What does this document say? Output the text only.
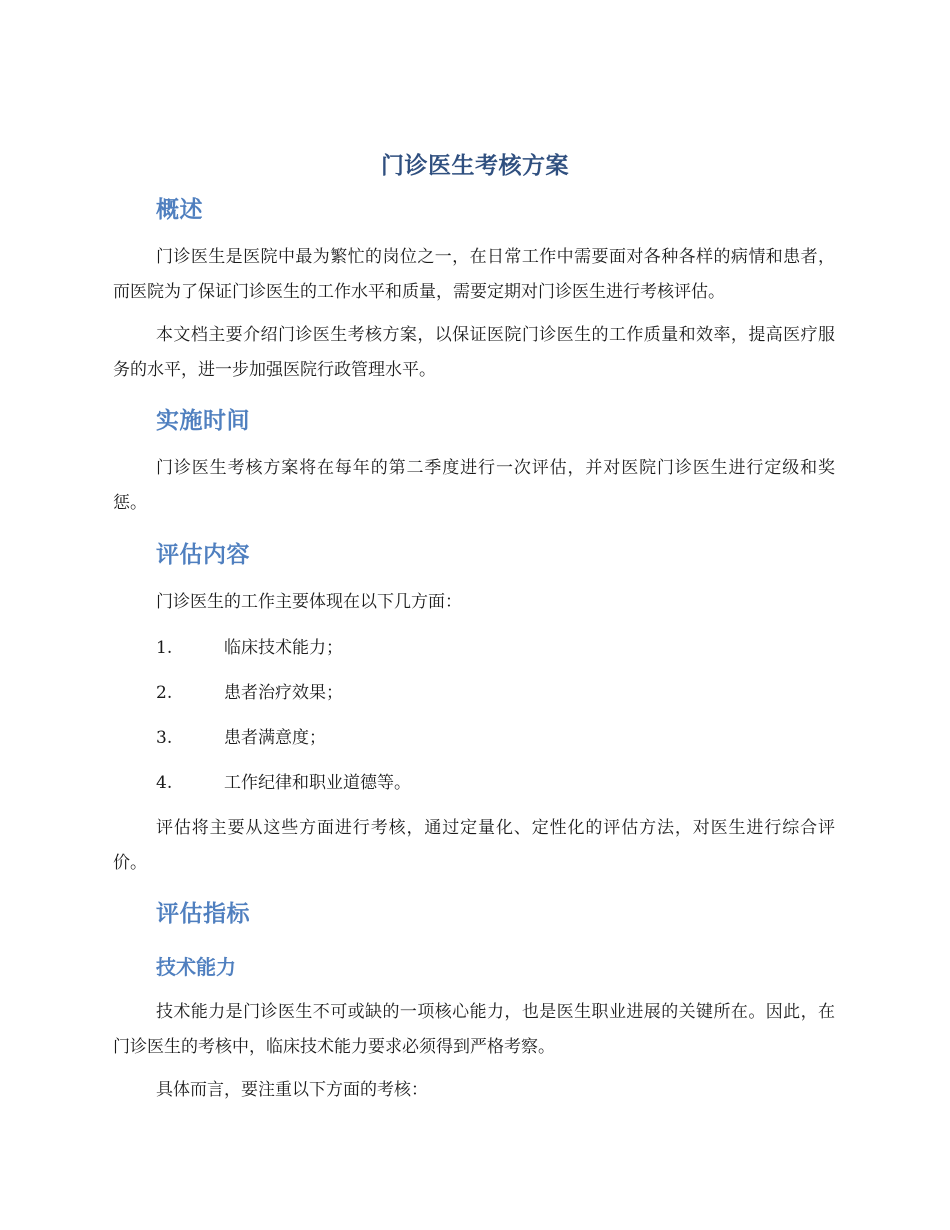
门诊医生考核方案
概述

门诊医生是医院中最为繁忙的岗位之一，在日常工作中需要面对各种各样的病情和患者，而医院为了保证门诊医生的工作水平和质量，需要定期对门诊医生进行考核评估。

本文档主要介绍门诊医生考核方案，以保证医院门诊医生的工作质量和效率，提高医疗服务的水平，进一步加强医院行政管理水平。

实施时间

门诊医生考核方案将在每年的第二季度进行一次评估，并对医院门诊医生进行定级和奖惩。

评估内容

门诊医生的工作主要体现在以下几方面：

1.	临床技术能力；

2.	患者治疗效果；

3.	患者满意度；

4.	工作纪律和职业道德等。

评估将主要从这些方面进行考核，通过定量化、定性化的评估方法，对医生进行综合评价。

评估指标
技术能力

技术能力是门诊医生不可或缺的一项核心能力，也是医生职业进展的关键所在。因此，在门诊医生的考核中，临床技术能力要求必须得到严格考察。

具体而言，要注重以下方面的考核：
